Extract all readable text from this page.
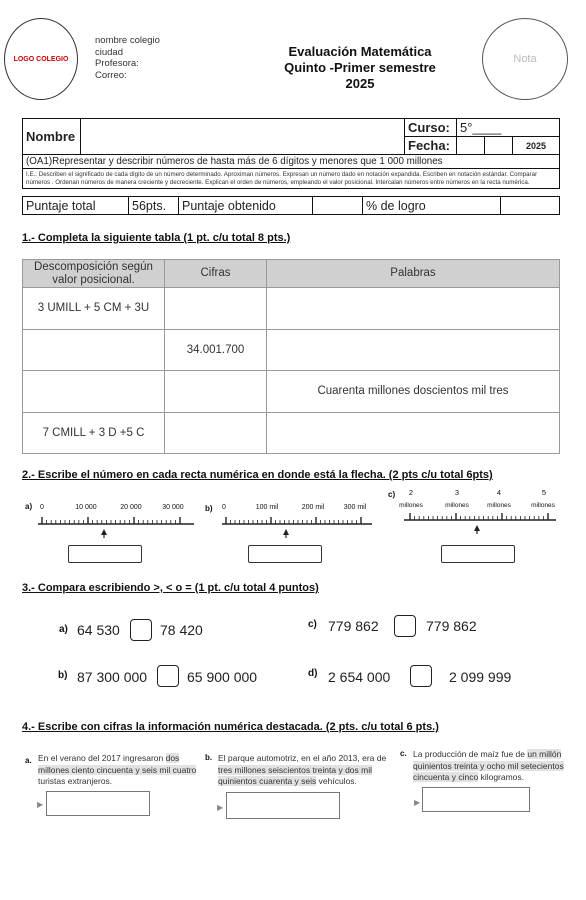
LOGO COLEGIO
nombre colegio
ciudad
Profesora:
Correo:
Evaluación Matemática
Quinto -Primer semestre
2025
Nota
Nombre		Curso:	5°____		
		Fecha:			2025
(OA1)Representar y describir números de hasta más de 6 dígitos y menores que 1 000 millones					
I.E.: Describen el significado de cada dígito de un número determinado. Aproximan números. Expresan un número dado en notación expandida. Escriben en notación estándar. Comparar números . Ordenan números de manera creciente y decreciente. Explican el orden de números, empleando el valor posicional. Intercalan números entre números en la recta numérica.					
Puntaje total	56pts.	Puntaje obtenido		% de logro	
1.- Completa la siguiente tabla (1 pt. c/u total 8 pts.)
Descomposición según valor posicional.	Cifras	Palabras
3 UMILL + 5 CM + 3U		
	34.001.700	
		Cuarenta millones doscientos mil tres
7 CMILL + 3 D +5 C		
2.- Escribe el número en cada recta numérica en donde está la flecha. (2 pts c/u total 6pts)
a)	0	10 000	20 000	30 000	b)	0	100 mil	200 mil	300 mil
c)	2	3	4	5
millones	millones	millones	millones
3.- Compara escribiendo >, < o = (1 pt. c/u total 4 puntos)
a) 64 530	78 420	c) 779 862	779 862
b) 87 300 000	65 900 000	d) 2 654 000	2 099 999
4.- Escribe con cifras la información numérica destacada. (2 pts. c/u total 6 pts.)
a. En el verano del 2017 ingresaron dos millones ciento cincuenta y seis mil cuatro turistas extranjeros.
▶
b. El parque automotriz, en el año 2013, era de tres millones seiscientos treinta y dos mil quinientos cuarenta y seis vehículos.
▶
c. La producción de maíz fue de un millón quinientos treinta y ocho mil setecientos cincuenta y cinco kilogramos.
▶
